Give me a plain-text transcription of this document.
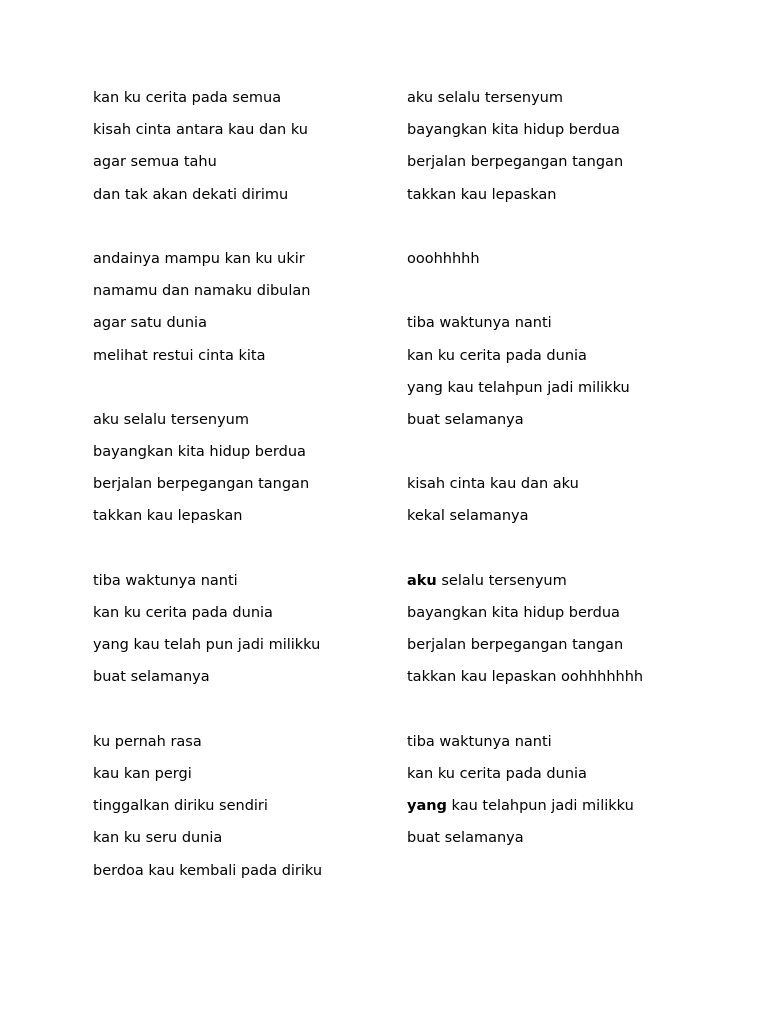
kan ku cerita pada semua
kisah cinta antara kau dan ku
agar semua tahu
dan tak akan dekati dirimu
andainya mampu kan ku ukir
namamu dan namaku dibulan
agar satu dunia
melihat restui cinta kita
aku selalu tersenyum
bayangkan kita hidup berdua
berjalan berpegangan tangan
takkan kau lepaskan
tiba waktunya nanti
kan ku cerita pada dunia
yang kau telah pun jadi milikku
buat selamanya
ku pernah rasa
kau kan pergi
tinggalkan diriku sendiri
kan ku seru dunia
berdoa kau kembali pada diriku
aku selalu tersenyum
bayangkan kita hidup berdua
berjalan berpegangan tangan
takkan kau lepaskan
ooohhhhh
tiba waktunya nanti
kan ku cerita pada dunia
yang kau telahpun jadi milikku
buat selamanya
kisah cinta kau dan aku
kekal selamanya
aku selalu tersenyum
bayangkan kita hidup berdua
berjalan berpegangan tangan
takkan kau lepaskan oohhhhhhh
tiba waktunya nanti
kan ku cerita pada dunia
yang kau telahpun jadi milikku
buat selamanya
